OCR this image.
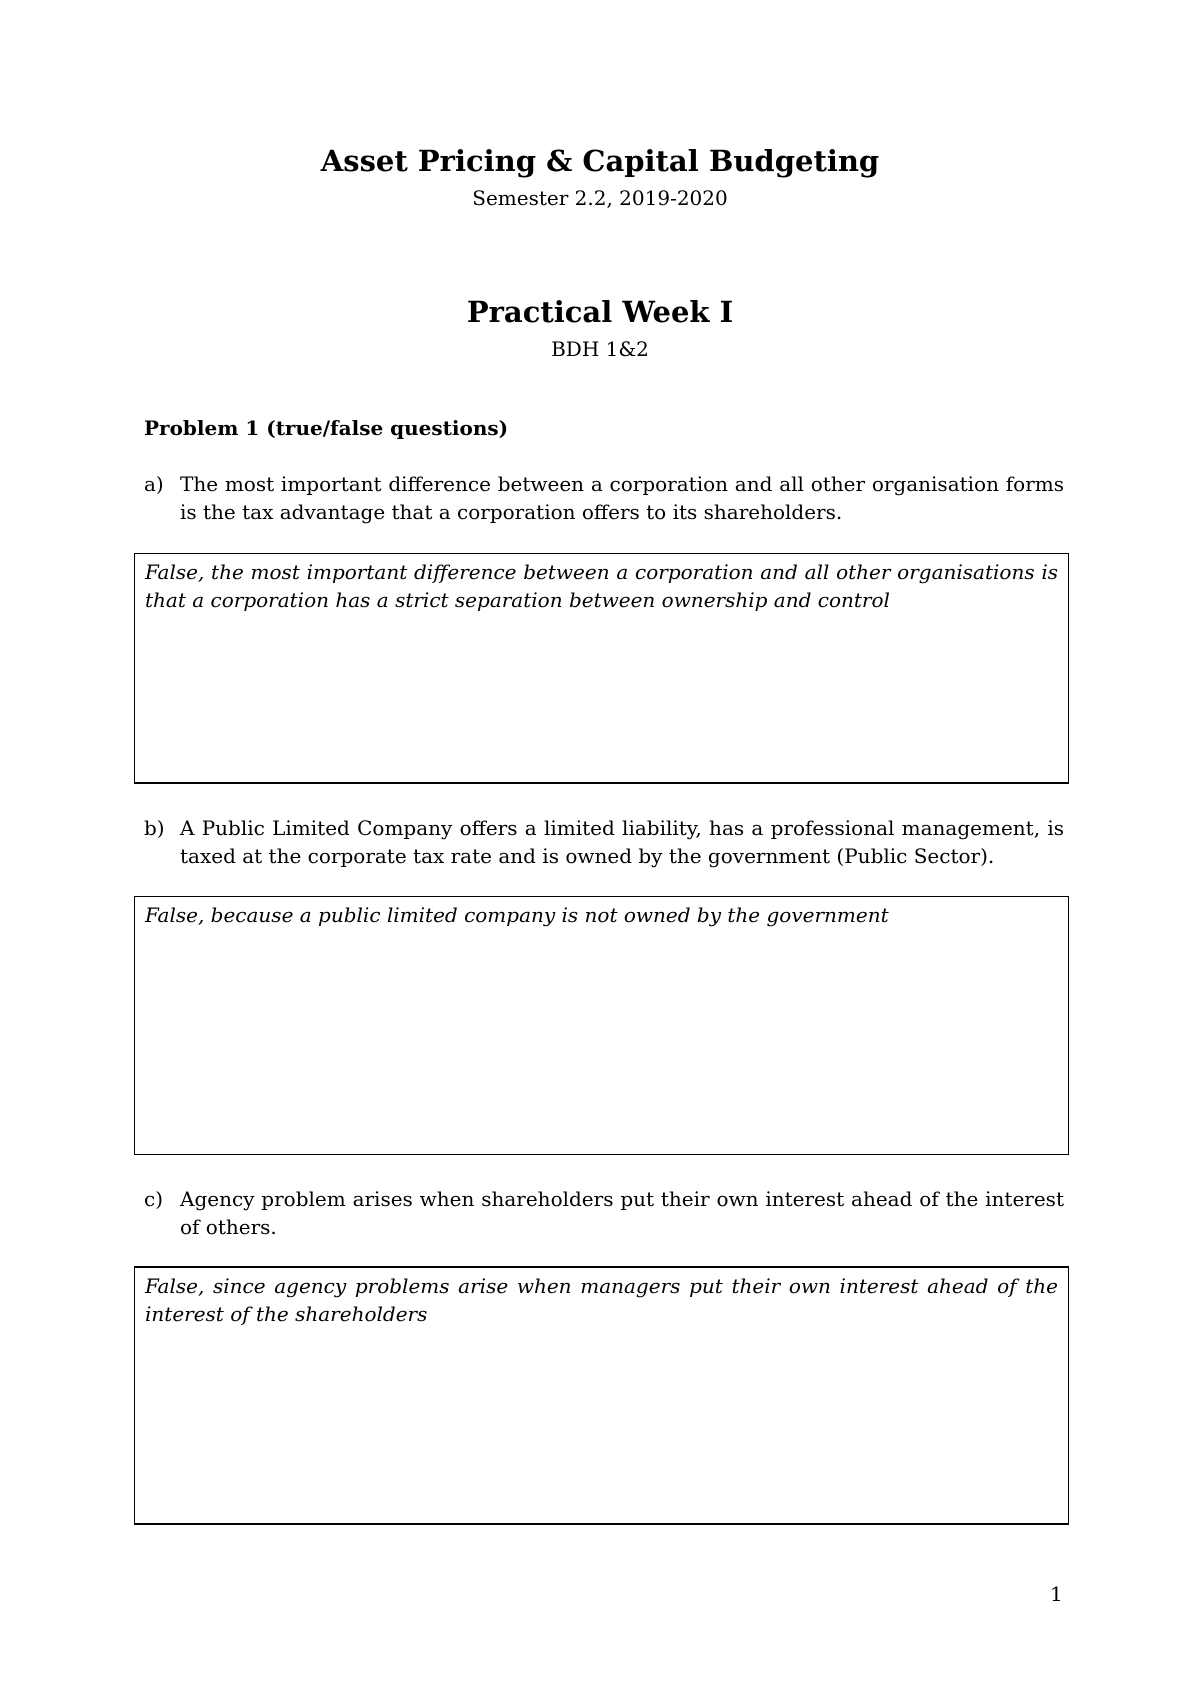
Asset Pricing & Capital Budgeting
Semester 2.2, 2019-2020
Practical Week I
BDH 1&2
Problem 1 (true/false questions)
a) The most important difference between a corporation and all other organisation forms is the tax advantage that a corporation offers to its shareholders.
False, the most important difference between a corporation and all other organisations is that a corporation has a strict separation between ownership and control
b) A Public Limited Company offers a limited liability, has a professional management, is taxed at the corporate tax rate and is owned by the government (Public Sector).
False, because a public limited company is not owned by the government
c) Agency problem arises when shareholders put their own interest ahead of the interest of others.
False, since agency problems arise when managers put their own interest ahead of the interest of the shareholders
1
